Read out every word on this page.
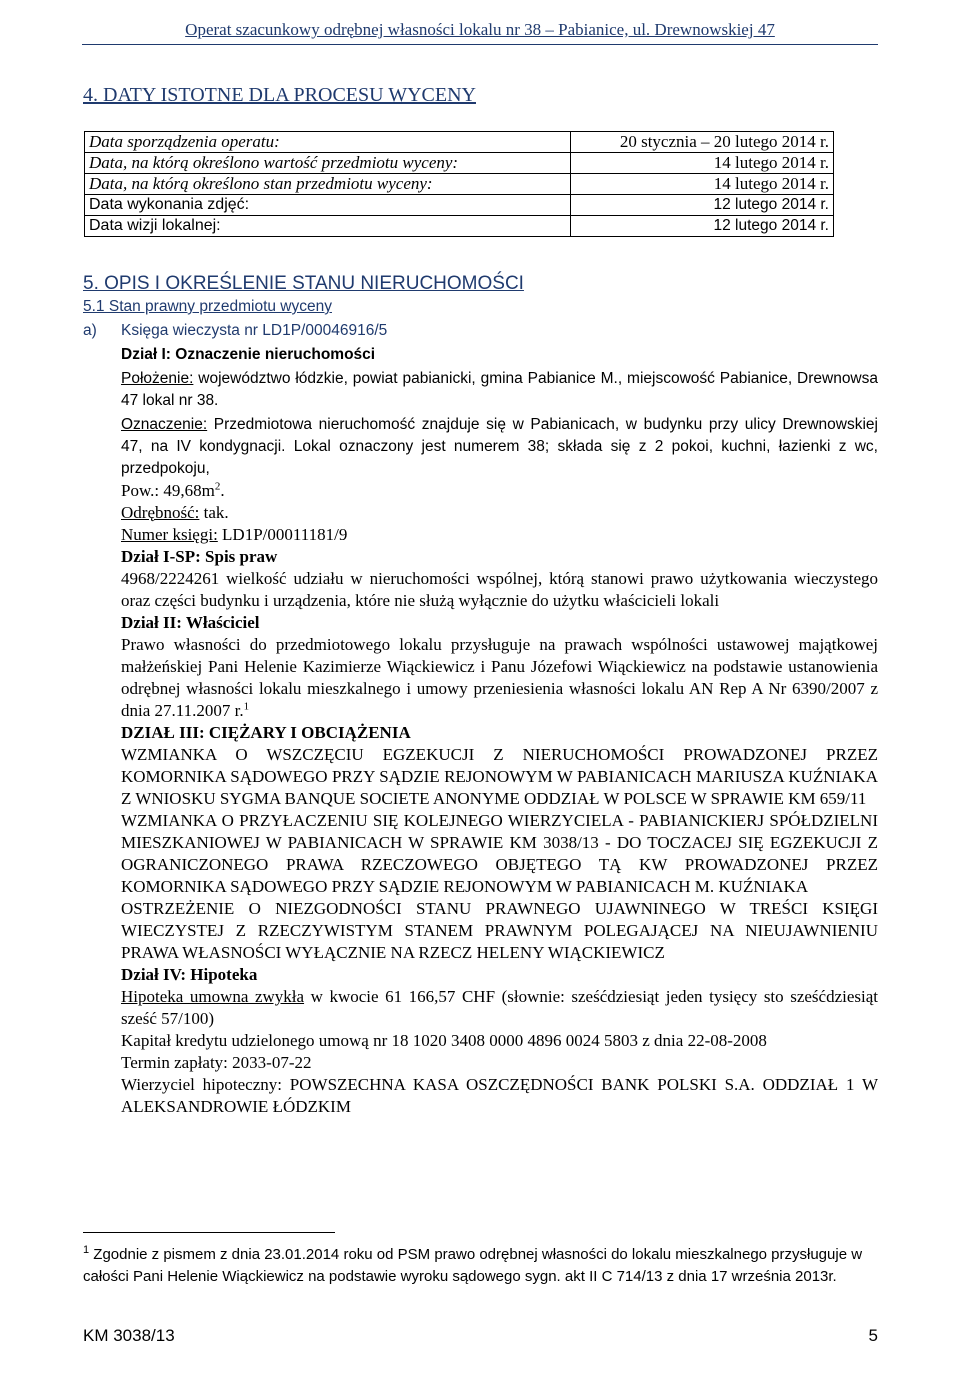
Operat szacunkowy odrębnej własności lokalu nr 38 – Pabianice, ul. Drewnowskiej 47
4. DATY ISTOTNE DLA PROCESU WYCENY
Data sporządzenia operatu:	20 stycznia – 20 lutego 2014 r.
Data, na którą określono wartość przedmiotu wyceny:	14 lutego 2014 r.
Data, na którą określono stan przedmiotu wyceny:	14 lutego 2014 r.
Data wykonania zdjęć:	12 lutego 2014 r.
Data wizji lokalnej:	12 lutego 2014 r.
5. OPIS I OKREŚLENIE STANU NIERUCHOMOŚCI

5.1 Stan prawny przedmiotu wyceny

a)	Księga wieczysta nr LD1P/00046916/5

Dział I: Oznaczenie nieruchomości

Położenie: województwo łódzkie, powiat pabianicki, gmina Pabianice M., miejscowość Pabianice, Drewnowsa 47 lokal nr 38.

Oznaczenie: Przedmiotowa nieruchomość znajduje się w Pabianicach, w budynku przy ulicy Drewnowskiej 47, na IV kondygnacji. Lokal oznaczony jest numerem 38; składa się z 2 pokoi, kuchni, łazienki z wc, przedpokoju,

Pow.: $49,68m^2$.

Odrębność: tak.

Numer księgi: LD1P/00011181/9

Dział I-SP: Spis praw

4968/2224261 wielkość udziału w nieruchomości wspólnej, którą stanowi prawo użytkowania wieczystego oraz części budynku i urządzenia, które nie służą wyłącznie do użytku właścicieli lokali

Dział II: Właściciel

Prawo własności do przedmiotowego lokalu przysługuje na prawach wspólności ustawowej majątkowej małżeńskiej Pani Helenie Kazimierze Wiąckiewicz i Panu Józefowi Wiąckiewicz na podstawie ustanowienia odrębnej własności lokalu mieszkalnego i umowy przeniesienia własności lokalu AN Rep A Nr 6390/2007 z dnia 27.11.2007 r.$^1$

DZIAŁ III: CIĘŻARY I OBCIĄŻENIA

WZMIANKA O WSZCZĘCIU EGZEKUCJI Z NIERUCHOMOŚCI PROWADZONEJ PRZEZ KOMORNIKA SĄDOWEGO PRZY SĄDZIE REJONOWYM W PABIANICACH MARIUSZA KUŹNIAKA Z WNIOSKU SYGMA BANQUE SOCIETE ANONYME ODDZIAŁ W POLSCE W SPRAWIE KM 659/11

WZMIANKA O PRZYŁACZENIU SIĘ KOLEJNEGO WIERZYCIELA - PABIANICKIERJ SPÓŁDZIELNI MIESZKANIOWEJ W PABIANICACH W SPRAWIE KM 3038/13 - DO TOCZACEJ SIĘ EGZEKUCJI Z OGRANICZONEGO PRAWA RZECZOWEGO OBJĘTEGO TĄ KW PROWADZONEJ PRZEZ KOMORNIKA SĄDOWEGO PRZY SĄDZIE REJONOWYM W PABIANICACH M. KUŹNIAKA

OSTRZEŻENIE O NIEZGODNOŚCI STANU PRAWNEGO UJAWNINEGO W TREŚCI KSIĘGI WIECZYSTEJ Z RZECZYWISTYM STANEM PRAWNYM POLEGAJĄCEJ NA NIEUJAWNIENIU PRAWA WŁASNOŚCI WYŁĄCZNIE NA RZECZ HELENY WIĄCKIEWICZ

Dział IV: Hipoteka

Hipoteka umowna zwykła w kwocie 61 166,57 CHF (słownie: sześćdziesiąt jeden tysięcy sto sześćdziesiąt sześć 57/100)

Kapitał kredytu udzielonego umową nr 18 1020 3408 0000 4896 0024 5803 z dnia 22-08-2008

Termin zapłaty: 2033-07-22

Wierzyciel hipoteczny: POWSZECHNA KASA OSZCZĘDNOŚCI BANK POLSKI S.A. ODDZIAŁ 1 W ALEKSANDROWIE ŁÓDZKIM

$^1$ Zgodnie z pismem z dnia 23.01.2014 roku od PSM prawo odrębnej własności do lokalu mieszkalnego przysługuje w całości Pani Helenie Wiąckiewicz na podstawie wyroku sądowego sygn. akt II C 714/13 z dnia 17 września 2013r.
KM 3038/13	5
